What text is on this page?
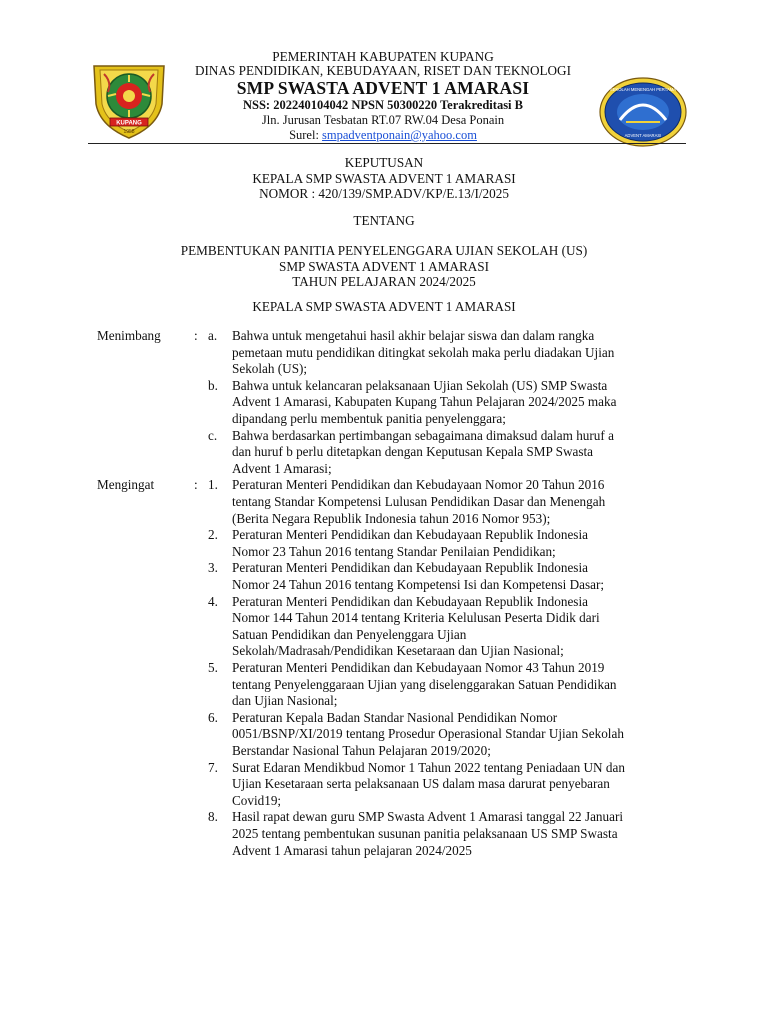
KUPANG
1958
PEMERINTAH KABUPATEN KUPANG
DINAS PENDIDIKAN, KEBUDAYAAN, RISET DAN TEKNOLOGI
SMP SWASTA ADVENT 1 AMARASI
NSS: 202240104042 NPSN 50300220 Terakreditasi B
Jln. Jurusan Tesbatan RT.07 RW.04 Desa Ponain
Surel: smpadventponain@yahoo.com
SEKOLAH MENENGAH PERTAMA
ADVENT AMARASI
KEPUTUSAN
KEPALA SMP SWASTA ADVENT 1 AMARASI
NOMOR : 420/139/SMP.ADV/KP/E.13/I/2025
TENTANG
PEMBENTUKAN PANITIA PENYELENGGARA UJIAN SEKOLAH (US)
SMP SWASTA ADVENT 1 AMARASI
TAHUN PELAJARAN 2024/2025
KEPALA SMP SWASTA ADVENT 1 AMARASI
Menimbang	: a. Bahwa untuk mengetahui hasil akhir belajar siswa dan dalam rangka
pemetaan mutu pendidikan ditingkat sekolah maka perlu diadakan Ujian
Sekolah (US);
b. Bahwa untuk kelancaran pelaksanaan Ujian Sekolah (US) SMP Swasta
Advent 1 Amarasi, Kabupaten Kupang Tahun Pelajaran 2024/2025 maka
dipandang perlu membentuk panitia penyelenggara;
c. Bahwa berdasarkan pertimbangan sebagaimana dimaksud dalam huruf a
dan huruf b perlu ditetapkan dengan Keputusan Kepala SMP Swasta
Advent 1 Amarasi;
Mengingat	: 1. Peraturan Menteri Pendidikan dan Kebudayaan Nomor 20 Tahun 2016
tentang Standar Kompetensi Lulusan Pendidikan Dasar dan Menengah
(Berita Negara Republik Indonesia tahun 2016 Nomor 953);
2. Peraturan Menteri Pendidikan dan Kebudayaan Republik Indonesia
Nomor 23 Tahun 2016 tentang Standar Penilaian Pendidikan;
3. Peraturan Menteri Pendidikan dan Kebudayaan Republik Indonesia
Nomor 24 Tahun 2016 tentang Kompetensi Isi dan Kompetensi Dasar;
4. Peraturan Menteri Pendidikan dan Kebudayaan Republik Indonesia
Nomor 144 Tahun 2014 tentang Kriteria Kelulusan Peserta Didik dari
Satuan Pendidikan dan Penyelenggara Ujian
Sekolah/Madrasah/Pendidikan Kesetaraan dan Ujian Nasional;
5. Peraturan Menteri Pendidikan dan Kebudayaan Nomor 43 Tahun 2019
tentang Penyelenggaraan Ujian yang diselenggarakan Satuan Pendidikan
dan Ujian Nasional;
6. Peraturan Kepala Badan Standar Nasional Pendidikan Nomor
0051/BSNP/XI/2019 tentang Prosedur Operasional Standar Ujian Sekolah
Berstandar Nasional Tahun Pelajaran 2019/2020;
7. Surat Edaran Mendikbud Nomor 1 Tahun 2022 tentang Peniadaan UN dan
Ujian Kesetaraan serta pelaksanaan US dalam masa darurat penyebaran
Covid19;
8. Hasil rapat dewan guru SMP Swasta Advent 1 Amarasi tanggal 22 Januari
2025 tentang pembentukan susunan panitia pelaksanaan US SMP Swasta
Advent 1 Amarasi tahun pelajaran 2024/2025
